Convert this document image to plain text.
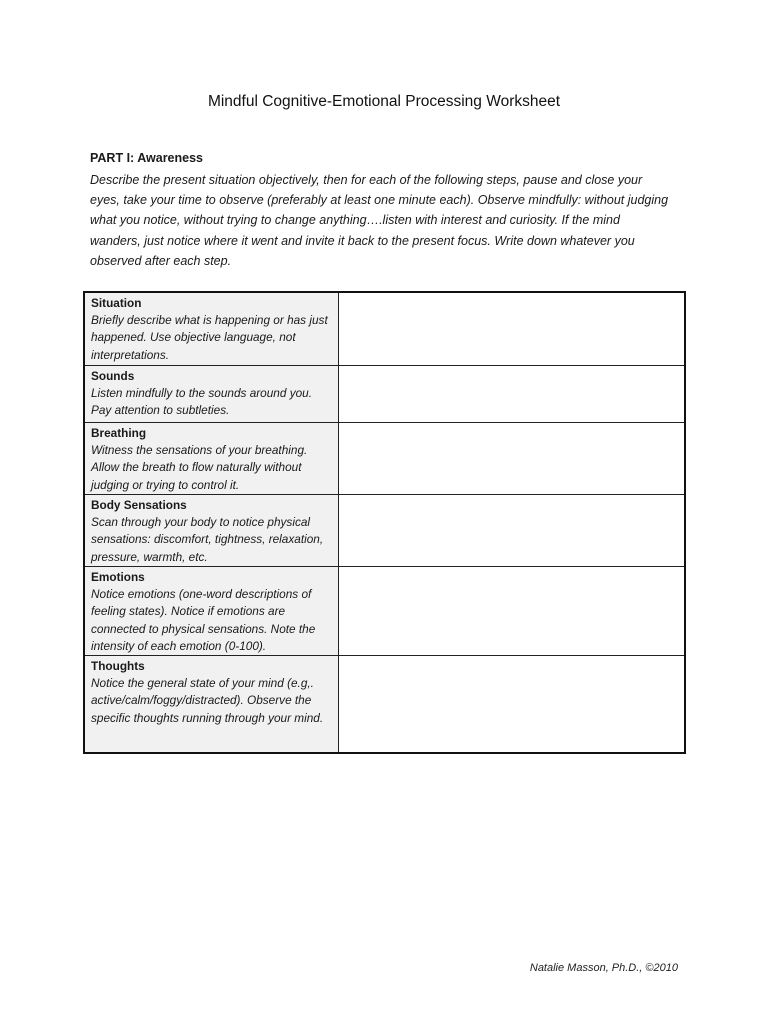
Mindful Cognitive-Emotional Processing Worksheet
PART I: Awareness
Describe the present situation objectively, then for each of the following steps, pause and close your eyes, take your time to observe (preferably at least one minute each). Observe mindfully: without judging what you notice, without trying to change anything….listen with interest and curiosity. If the mind wanders, just notice where it went and invite it back to the present focus. Write down whatever you observed after each step.
Situation
Briefly describe what is happening or has just happened. Use objective language, not interpretations.
Sounds
Listen mindfully to the sounds around you. Pay attention to subtleties.
Breathing
Witness the sensations of your breathing. Allow the breath to flow naturally without judging or trying to control it.
Body Sensations
Scan through your body to notice physical sensations: discomfort, tightness, relaxation, pressure, warmth, etc.
Emotions
Notice emotions (one-word descriptions of feeling states). Notice if emotions are connected to physical sensations. Note the intensity of each emotion (0-100).
Thoughts
Notice the general state of your mind (e.g,. active/calm/foggy/distracted). Observe the specific thoughts running through your mind.
Natalie Masson, Ph.D., ©2010
